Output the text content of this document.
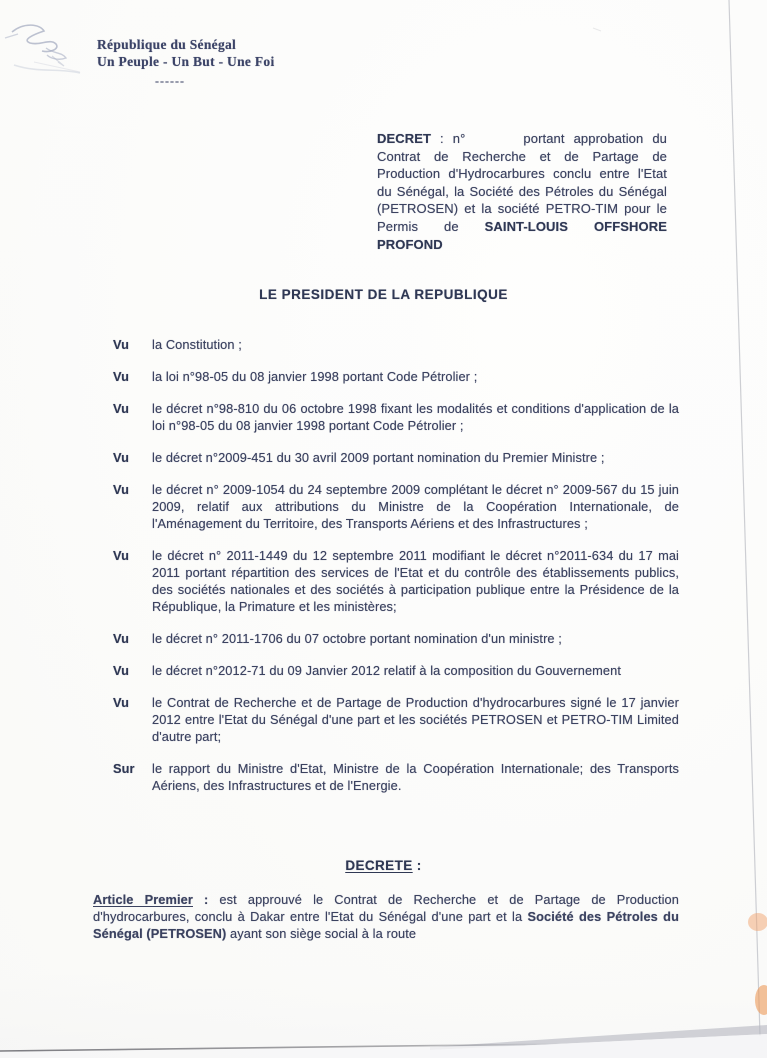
République du Sénégal
Un Peuple - Un But - Une Foi
------
DECRET : n°	portant approbation du Contrat de Recherche et de Partage de Production d'Hydrocarbures conclu entre l'Etat du Sénégal, la Société des Pétroles du Sénégal (PETROSEN) et la société PETRO-TIM pour le Permis de SAINT-LOUIS OFFSHORE PROFOND
LE PRESIDENT DE LA REPUBLIQUE
Vu	la Constitution ;
Vu	la loi n°98-05 du 08 janvier 1998 portant Code Pétrolier ;
Vu	le décret n°98-810 du 06 octobre 1998 fixant les modalités et conditions d'application de la loi n°98-05 du 08 janvier 1998 portant Code Pétrolier ;
Vu	le décret n°2009-451 du 30 avril 2009 portant nomination du Premier Ministre ;
Vu	le décret n° 2009-1054 du 24 septembre 2009 complétant le décret n° 2009-567 du 15 juin 2009, relatif aux attributions du Ministre de la Coopération Internationale, de l'Aménagement du Territoire, des Transports Aériens et des Infrastructures ;
Vu	le décret n° 2011-1449 du 12 septembre 2011 modifiant le décret n°2011-634 du 17 mai 2011 portant répartition des services de l'Etat et du contrôle des établissements publics, des sociétés nationales et des sociétés à participation publique entre la Présidence de la République, la Primature et les ministères;
Vu	le décret n° 2011-1706 du 07 octobre portant nomination d'un ministre ;
Vu	le décret n°2012-71 du 09 Janvier 2012 relatif à la composition du Gouvernement
Vu	le Contrat de Recherche et de Partage de Production d'hydrocarbures signé le 17 janvier 2012 entre l'Etat du Sénégal d'une part et les sociétés PETROSEN et PETRO-TIM Limited d'autre part;
Sur	le rapport du Ministre d'Etat, Ministre de la Coopération Internationale; des Transports Aériens, des Infrastructures et de l'Energie.
DECRETE :
Article Premier : est approuvé le Contrat de Recherche et de Partage de Production d'hydrocarbures, conclu à Dakar entre l'Etat du Sénégal d'une part et la Société des Pétroles du Sénégal (PETROSEN) ayant son siège social à la route
